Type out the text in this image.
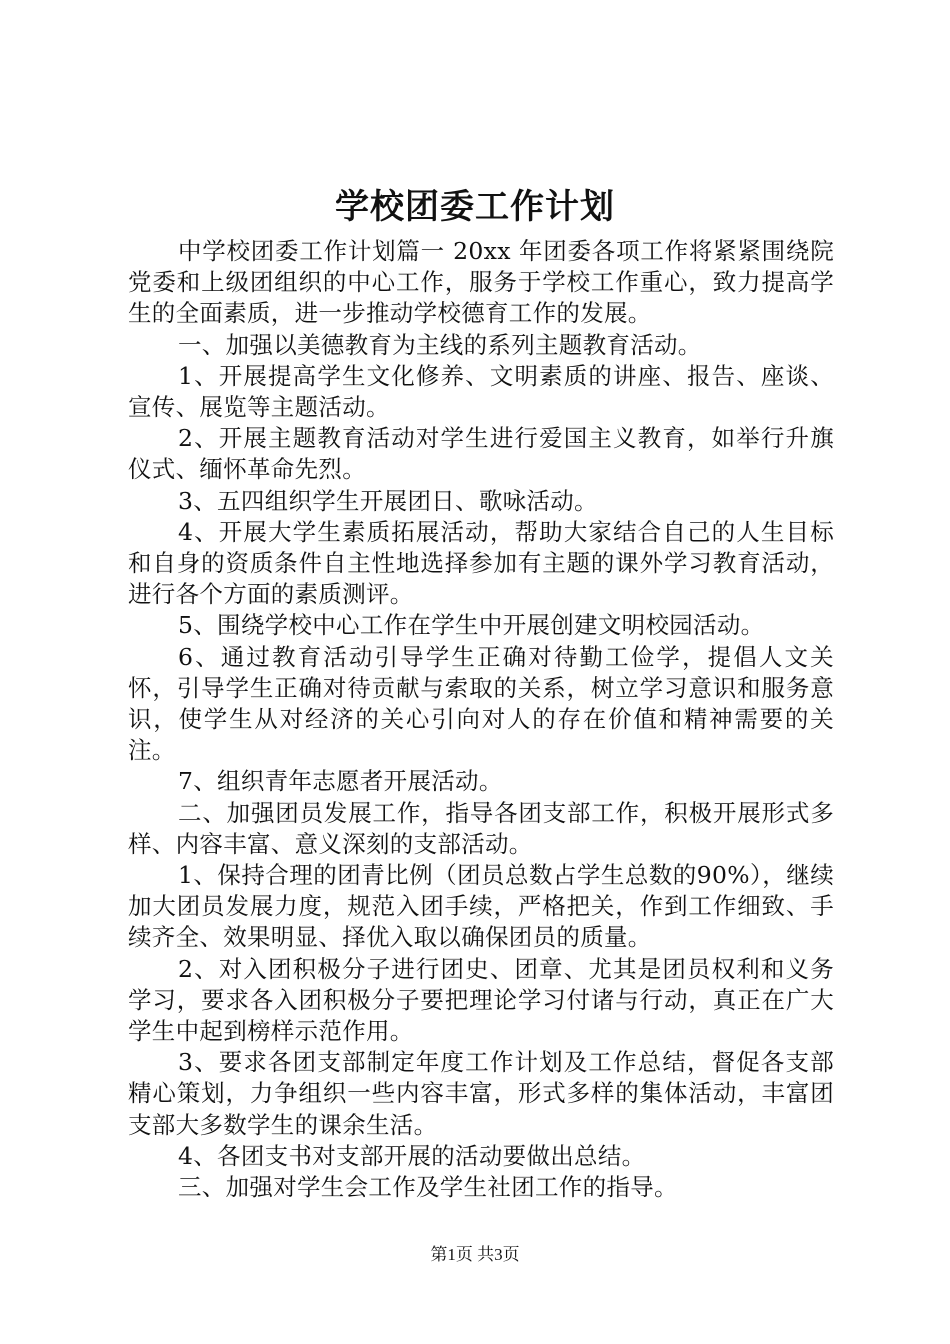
学校团委工作计划

中学校团委工作计划篇一 20xx 年团委各项工作将紧紧围绕院党委和上级团组织的中心工作，服务于学校工作重心，致力提高学生的全面素质，进一步推动学校德育工作的发展。

一、加强以美德教育为主线的系列主题教育活动。

1、开展提高学生文化修养、文明素质的讲座、报告、座谈、宣传、展览等主题活动。

2、开展主题教育活动对学生进行爱国主义教育，如举行升旗仪式、缅怀革命先烈。

3、五四组织学生开展团日、歌咏活动。

4、开展大学生素质拓展活动，帮助大家结合自己的人生目标和自身的资质条件自主性地选择参加有主题的课外学习教育活动，进行各个方面的素质测评。

5、围绕学校中心工作在学生中开展创建文明校园活动。

6、通过教育活动引导学生正确对待勤工俭学，提倡人文关怀，引导学生正确对待贡献与索取的关系，树立学习意识和服务意识，使学生从对经济的关心引向对人的存在价值和精神需要的关注。

7、组织青年志愿者开展活动。

二、加强团员发展工作，指导各团支部工作，积极开展形式多样、内容丰富、意义深刻的支部活动。

1、保持合理的团青比例（团员总数占学生总数的90%），继续加大团员发展力度，规范入团手续，严格把关，作到工作细致、手续齐全、效果明显、择优入取以确保团员的质量。

2、对入团积极分子进行团史、团章、尤其是团员权利和义务学习，要求各入团积极分子要把理论学习付诸与行动，真正在广大学生中起到榜样示范作用。

3、要求各团支部制定年度工作计划及工作总结，督促各支部精心策划，力争组织一些内容丰富，形式多样的集体活动，丰富团支部大多数学生的课余生活。

4、各团支书对支部开展的活动要做出总结。

三、加强对学生会工作及学生社团工作的指导。

第1页 共3页
